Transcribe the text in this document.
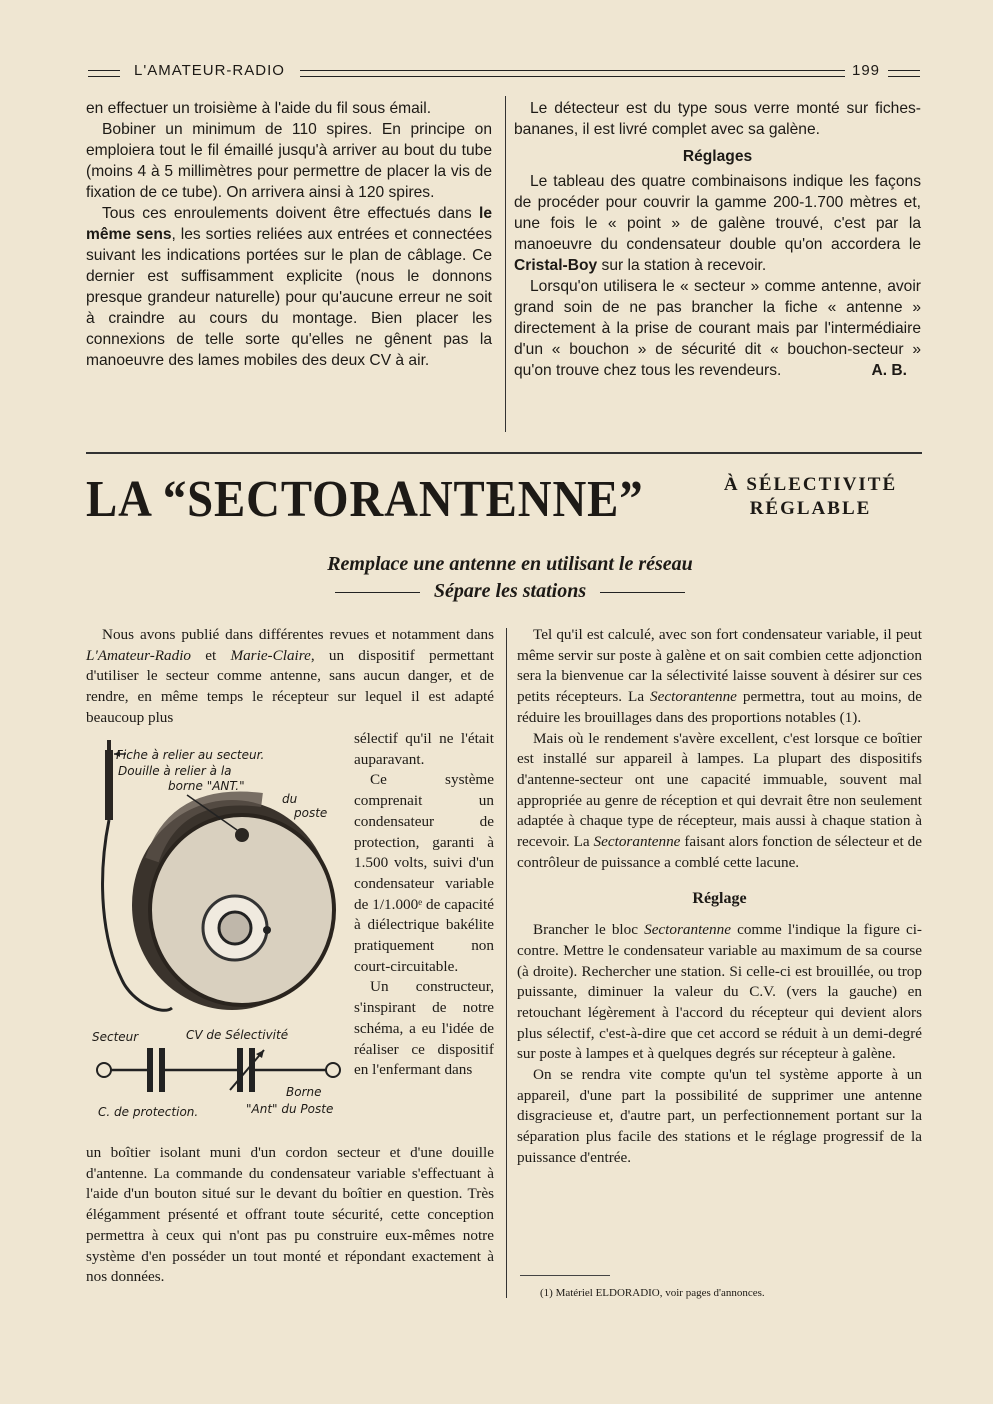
L'AMATEUR-RADIO	199

en effectuer un troisième à l'aide du fil sous émail.

Bobiner un minimum de 110 spires. En principe on emploiera tout le fil émaillé jusqu'à arriver au bout du tube (moins 4 à 5 millimètres pour permettre de placer la vis de fixation de ce tube). On arrivera ainsi à 120 spires.

Tous ces enroulements doivent être effectués dans le même sens, les sorties reliées aux entrées et connectées suivant les indications portées sur le plan de câblage. Ce dernier est suffisamment explicite (nous le donnons presque grandeur naturelle) pour qu'aucune erreur ne soit à craindre au cours du montage. Bien placer les connexions de telle sorte qu'elles ne gênent pas la manoeuvre des lames mobiles des deux CV à air.

Le détecteur est du type sous verre monté sur fiches-bananes, il est livré complet avec sa galène.

Réglages

Le tableau des quatre combinaisons indique les façons de procéder pour couvrir la gamme 200-1.700 mètres et, une fois le « point » de galène trouvé, c'est par la manoeuvre du condensateur double qu'on accordera le Cristal-Boy sur la station à recevoir.

Lorsqu'on utilisera le « secteur » comme antenne, avoir grand soin de ne pas brancher la fiche « antenne » directement à la prise de courant mais par l'intermédiaire d'un « bouchon » de sécurité dit « bouchon-secteur » qu'on trouve chez tous les revendeurs.	A. B.

LA “SECTORANTENNE”	À SÉLECTIVITÉ
RÉGLABLE
Remplace une antenne en utilisant le réseau
Sépare les stations

Nous avons publié dans différentes revues et notamment dans L'Amateur-Radio et Marie-Claire, un dispositif permettant d'utiliser le secteur comme antenne, sans aucun danger, et de rendre, en même temps le récepteur sur lequel il est adapté beaucoup plus

sélectif qu'il ne l'était auparavant.

Ce système comprenait un condensateur de protection, garanti à 1.500 volts, suivi d'un condensateur variable de 1/1.000ᵉ de capacité à diélectrique bakélite pratiquement non court-circuitable.

Un constructeur, s'inspirant de notre schéma, a eu l'idée de réaliser ce dispositif en l'enfermant dans

un boîtier isolant muni d'un cordon secteur et d'une douille d'antenne. La commande du condensateur variable s'effectuant à l'aide d'un bouton situé sur le devant du boîtier en question. Très élégamment présenté et offrant toute sécurité, cette conception permettra à ceux qui n'ont pas pu construire eux-mêmes notre système d'en posséder un tout monté et répondant exactement à nos données.

Fiche à relier au secteur.
Douille à relier à la
borne "ANT."
du
poste
Secteur	CV de Sélectivité
Borne
C. de protection.	"Ant" du Poste

Tel qu'il est calculé, avec son fort condensateur variable, il peut même servir sur poste à galène et on sait combien cette adjonction sera la bienvenue car la sélectivité laisse souvent à désirer sur ces petits récepteurs. La Sectorantenne permettra, tout au moins, de réduire les brouillages dans des proportions notables (1).

Mais où le rendement s'avère excellent, c'est lorsque ce boîtier est installé sur appareil à lampes. La plupart des dispositifs d'antenne-secteur ont une capacité immuable, souvent mal appropriée au genre de réception et qui devrait être non seulement adaptée à chaque type de récepteur, mais aussi à chaque station à recevoir. La Sectorantenne faisant alors fonction de sélecteur et de contrôleur de puissance a comblé cette lacune.

Réglage

Brancher le bloc Sectorantenne comme l'indique la figure ci-contre. Mettre le condensateur variable au maximum de sa course (à droite). Rechercher une station. Si celle-ci est brouillée, ou trop puissante, diminuer la valeur du C.V. (vers la gauche) en retouchant légèrement à l'accord du récepteur qui devient alors plus sélectif, c'est-à-dire que cet accord se réduit à un demi-degré sur poste à lampes et à quelques degrés sur récepteur à galène.

On se rendra vite compte qu'un tel système apporte à un appareil, d'une part la possibilité de supprimer une antenne disgracieuse et, d'autre part, un perfectionnement portant sur la séparation plus facile des stations et le réglage progressif de la puissance d'entrée.

(1) Matériel ELDORADIO, voir pages d'annonces.
